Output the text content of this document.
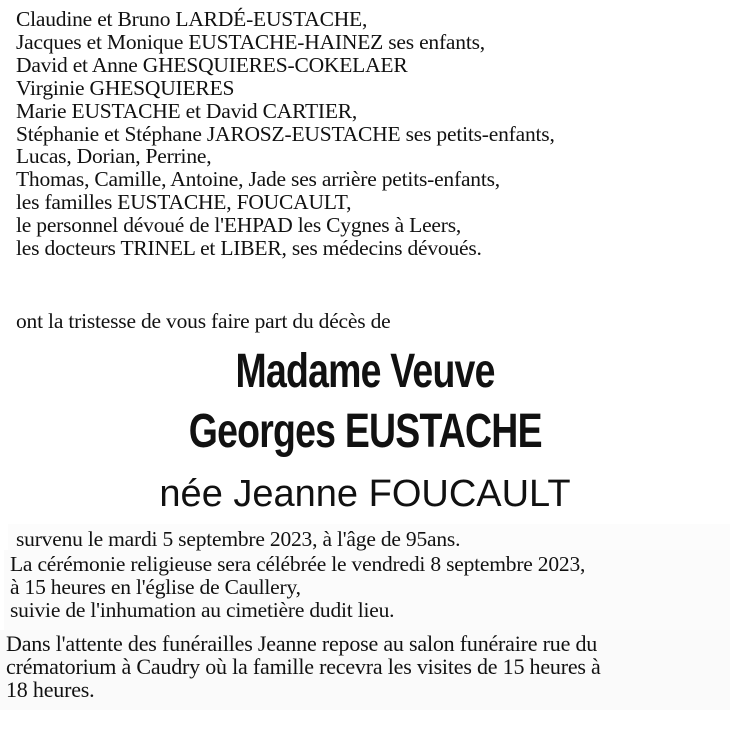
Claudine et Bruno LARDÉ-EUSTACHE,
Jacques et Monique EUSTACHE-HAINEZ ses enfants,
David et Anne GHESQUIERES-COKELAER
Virginie GHESQUIERES
Marie EUSTACHE et David CARTIER,
Stéphanie et Stéphane JAROSZ-EUSTACHE ses petits-enfants,
Lucas, Dorian, Perrine,
Thomas, Camille, Antoine, Jade ses arrière petits-enfants,
les familles EUSTACHE, FOUCAULT,
le personnel dévoué de l'EHPAD les Cygnes à Leers,
les docteurs TRINEL et LIBER, ses médecins dévoués.
ont la tristesse de vous faire part du décès de
Madame Veuve
Georges EUSTACHE
née Jeanne FOUCAULT
survenu le mardi 5 septembre 2023, à l'âge de 95ans.
La cérémonie religieuse sera célébrée le vendredi 8 septembre 2023,
à 15 heures en l'église de Caullery,
suivie de l'inhumation au cimetière dudit lieu.
Dans l'attente des funérailles Jeanne repose au salon funéraire rue du
crématorium à Caudry où la famille recevra les visites de 15 heures à
18 heures.
